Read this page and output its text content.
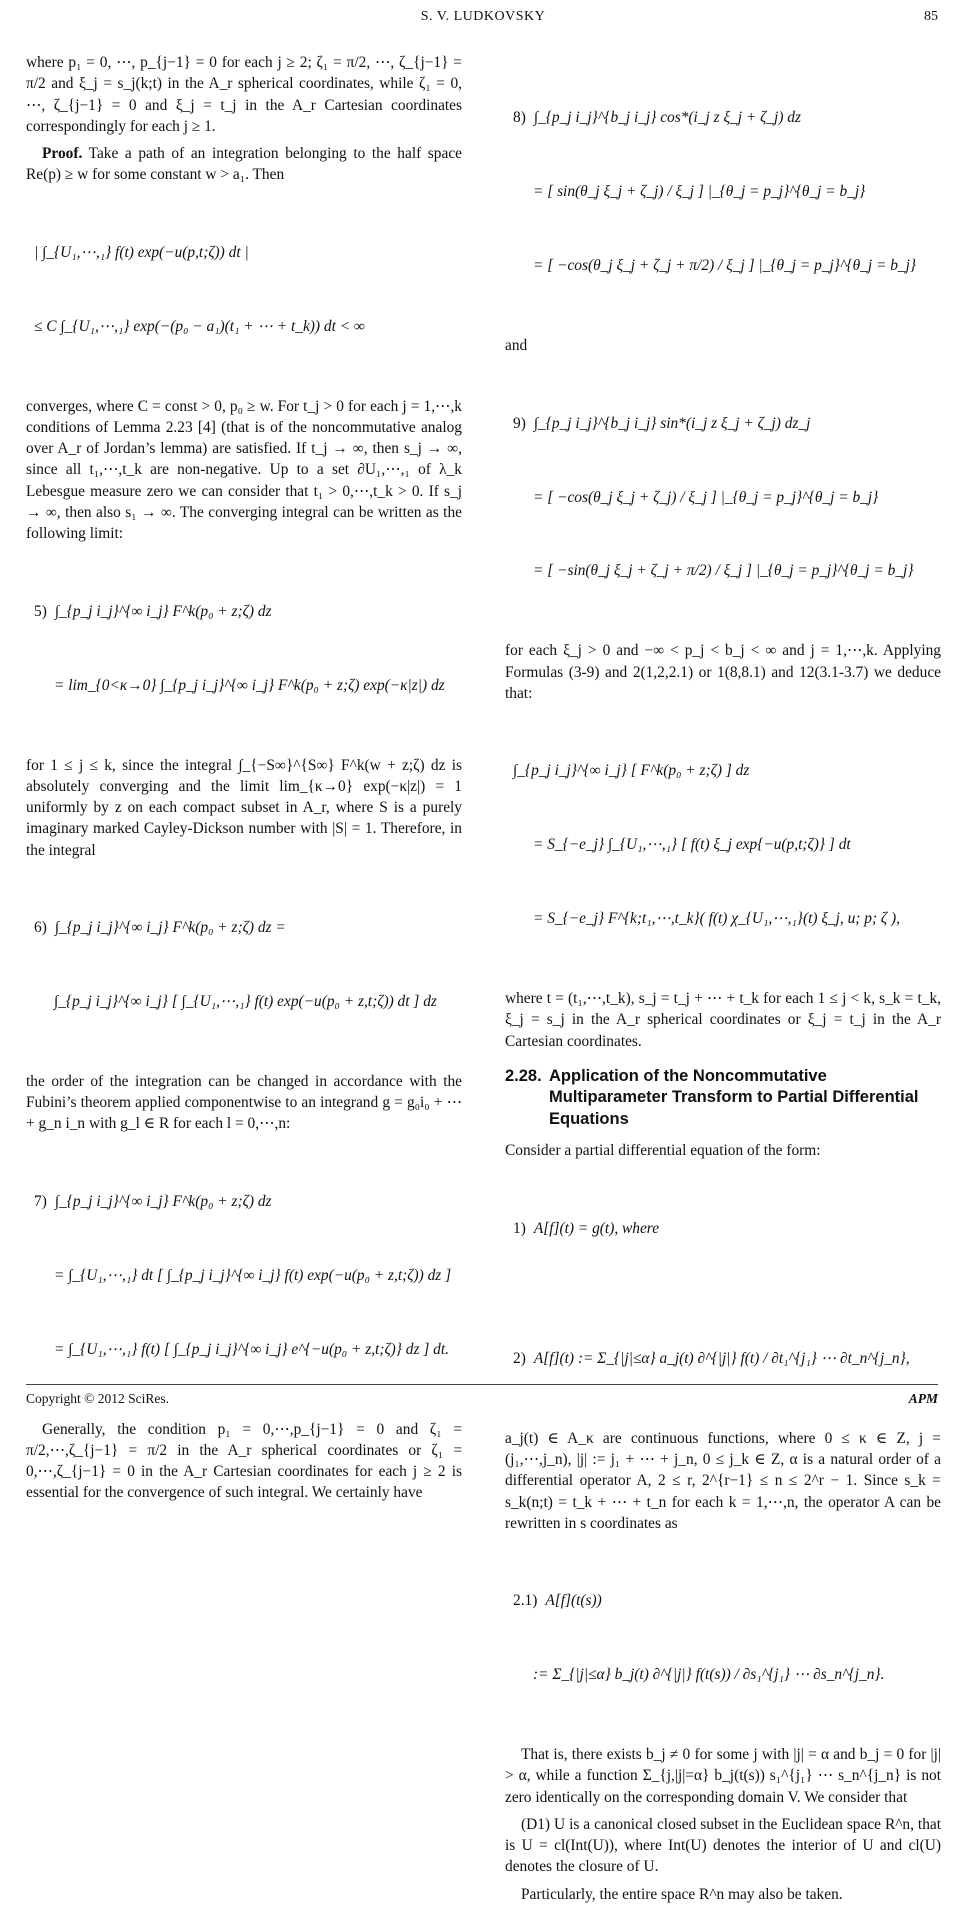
S. V. LUDKOVSKY	85

where p₁ = 0, ⋯, p_{j−1} = 0 for each j ≥ 2; ζ₁ = π/2, ⋯, ζ_{j−1} = π/2 and ξ_j = s_j(k;t) in the A_r spherical coordinates, while ζ₁ = 0, ⋯, ζ_{j−1} = 0 and ξ_j = t_j in the A_r Cartesian coordinates correspondingly for each j ≥ 1.

Proof. Take a path of an integration belonging to the half space Re(p) ≥ w for some constant w > a₁. Then

| ∫_{U₁,⋯,₁} f(t) exp(−u(p,t;ζ)) dt |

≤ C ∫_{U₁,⋯,₁} exp(−(p₀ − a₁)(t₁ + ⋯ + t_k)) dt < ∞

converges, where C = const > 0, p₀ ≥ w. For t_j > 0 for each j = 1,⋯,k conditions of Lemma 2.23 [4] (that is of the noncommutative analog over A_r of Jordan’s lemma) are satisfied. If t_j → ∞, then s_j → ∞, since all t₁,⋯,t_k are non-negative. Up to a set ∂U₁,⋯,₁ of λ_k Lebesgue measure zero we can consider that t₁ > 0,⋯,t_k > 0. If s_j → ∞, then also s₁ → ∞. The converging integral can be written as the following limit:

5) ∫_{p_j i_j}^{∞ i_j} F^k(p₀ + z;ζ) dz

= lim_{0<κ→0} ∫_{p_j i_j}^{∞ i_j} F^k(p₀ + z;ζ) exp(−κ|z|) dz

for 1 ≤ j ≤ k, since the integral ∫_{−S∞}^{S∞} F^k(w + z;ζ) dz is absolutely converging and the limit lim_{κ→0} exp(−κ|z|) = 1 uniformly by z on each compact subset in A_r, where S is a purely imaginary marked Cayley-Dickson number with |S| = 1. Therefore, in the integral

6) ∫_{p_j i_j}^{∞ i_j} F^k(p₀ + z;ζ) dz =

∫_{p_j i_j}^{∞ i_j} [ ∫_{U₁,⋯,₁} f(t) exp(−u(p₀ + z,t;ζ)) dt ] dz

the order of the integration can be changed in accordance with the Fubini’s theorem applied componentwise to an integrand g = g₀i₀ + ⋯ + g_n i_n with g_l ∈ R for each l = 0,⋯,n:

7) ∫_{p_j i_j}^{∞ i_j} F^k(p₀ + z;ζ) dz

= ∫_{U₁,⋯,₁} dt [ ∫_{p_j i_j}^{∞ i_j} f(t) exp(−u(p₀ + z,t;ζ)) dz ]

= ∫_{U₁,⋯,₁} f(t) [ ∫_{p_j i_j}^{∞ i_j} e^{−u(p₀ + z,t;ζ)} dz ] dt.

Generally, the condition p₁ = 0,⋯,p_{j−1} = 0 and ζ₁ = π/2,⋯,ζ_{j−1} = π/2 in the A_r spherical coordinates or ζ₁ = 0,⋯,ζ_{j−1} = 0 in the A_r Cartesian coordinates for each j ≥ 2 is essential for the convergence of such integral. We certainly have

8) ∫_{p_j i_j}^{b_j i_j} cos*(i_j z ξ_j + ζ_j) dz

= [ sin(θ_j ξ_j + ζ_j) / ξ_j ] |_{θ_j = p_j}^{θ_j = b_j}

= [ −cos(θ_j ξ_j + ζ_j + π/2) / ξ_j ] |_{θ_j = p_j}^{θ_j = b_j}

and

9) ∫_{p_j i_j}^{b_j i_j} sin*(i_j z ξ_j + ζ_j) dz_j

= [ −cos(θ_j ξ_j + ζ_j) / ξ_j ] |_{θ_j = p_j}^{θ_j = b_j}

= [ −sin(θ_j ξ_j + ζ_j + π/2) / ξ_j ] |_{θ_j = p_j}^{θ_j = b_j}

for each ξ_j > 0 and −∞ < p_j < b_j < ∞ and j = 1,⋯,k. Applying Formulas (3-9) and 2(1,2,2.1) or 1(8,8.1) and 12(3.1-3.7) we deduce that:

∫_{p_j i_j}^{∞ i_j} [ F^k(p₀ + z;ζ) ] dz

= S_{−e_j} ∫_{U₁,⋯,₁} [ f(t) ξ_j exp{−u(p,t;ζ)} ] dt

= S_{−e_j} F^{k;t₁,⋯,t_k}( f(t) χ_{U₁,⋯,₁}(t) ξ_j, u; p; ζ ),

where t = (t₁,⋯,t_k), s_j = t_j + ⋯ + t_k for each 1 ≤ j < k, s_k = t_k, ξ_j = s_j in the A_r spherical coordinates or ξ_j = t_j in the A_r Cartesian coordinates.

2.28. Application of the Noncommutative Multiparameter Transform to Partial Differential Equations

Consider a partial differential equation of the form:

1) A[f](t) = g(t), where

2) A[f](t) := Σ_{|j|≤α} a_j(t) ∂^{|j|} f(t) / ∂t₁^{j₁} ⋯ ∂t_n^{j_n},

a_j(t) ∈ A_κ are continuous functions, where 0 ≤ κ ∈ Z, j = (j₁,⋯,j_n), |j| := j₁ + ⋯ + j_n, 0 ≤ j_k ∈ Z, α is a natural order of a differential operator A, 2 ≤ r, 2^{r−1} ≤ n ≤ 2^r − 1. Since s_k = s_k(n;t) = t_k + ⋯ + t_n for each k = 1,⋯,n, the operator A can be rewritten in s coordinates as

2.1) A[f](t(s))

:= Σ_{|j|≤α} b_j(t) ∂^{|j|} f(t(s)) / ∂s₁^{j₁} ⋯ ∂s_n^{j_n}.

That is, there exists b_j ≠ 0 for some j with |j| = α and b_j = 0 for |j| > α, while a function Σ_{j,|j|=α} b_j(t(s)) s₁^{j₁} ⋯ s_n^{j_n} is not zero identically on the corresponding domain V. We consider that

(D1) U is a canonical closed subset in the Euclidean space R^n, that is U = cl(Int(U)), where Int(U) denotes the interior of U and cl(U) denotes the closure of U.

Particularly, the entire space R^n may also be taken.

Copyright © 2012 SciRes.	APM
